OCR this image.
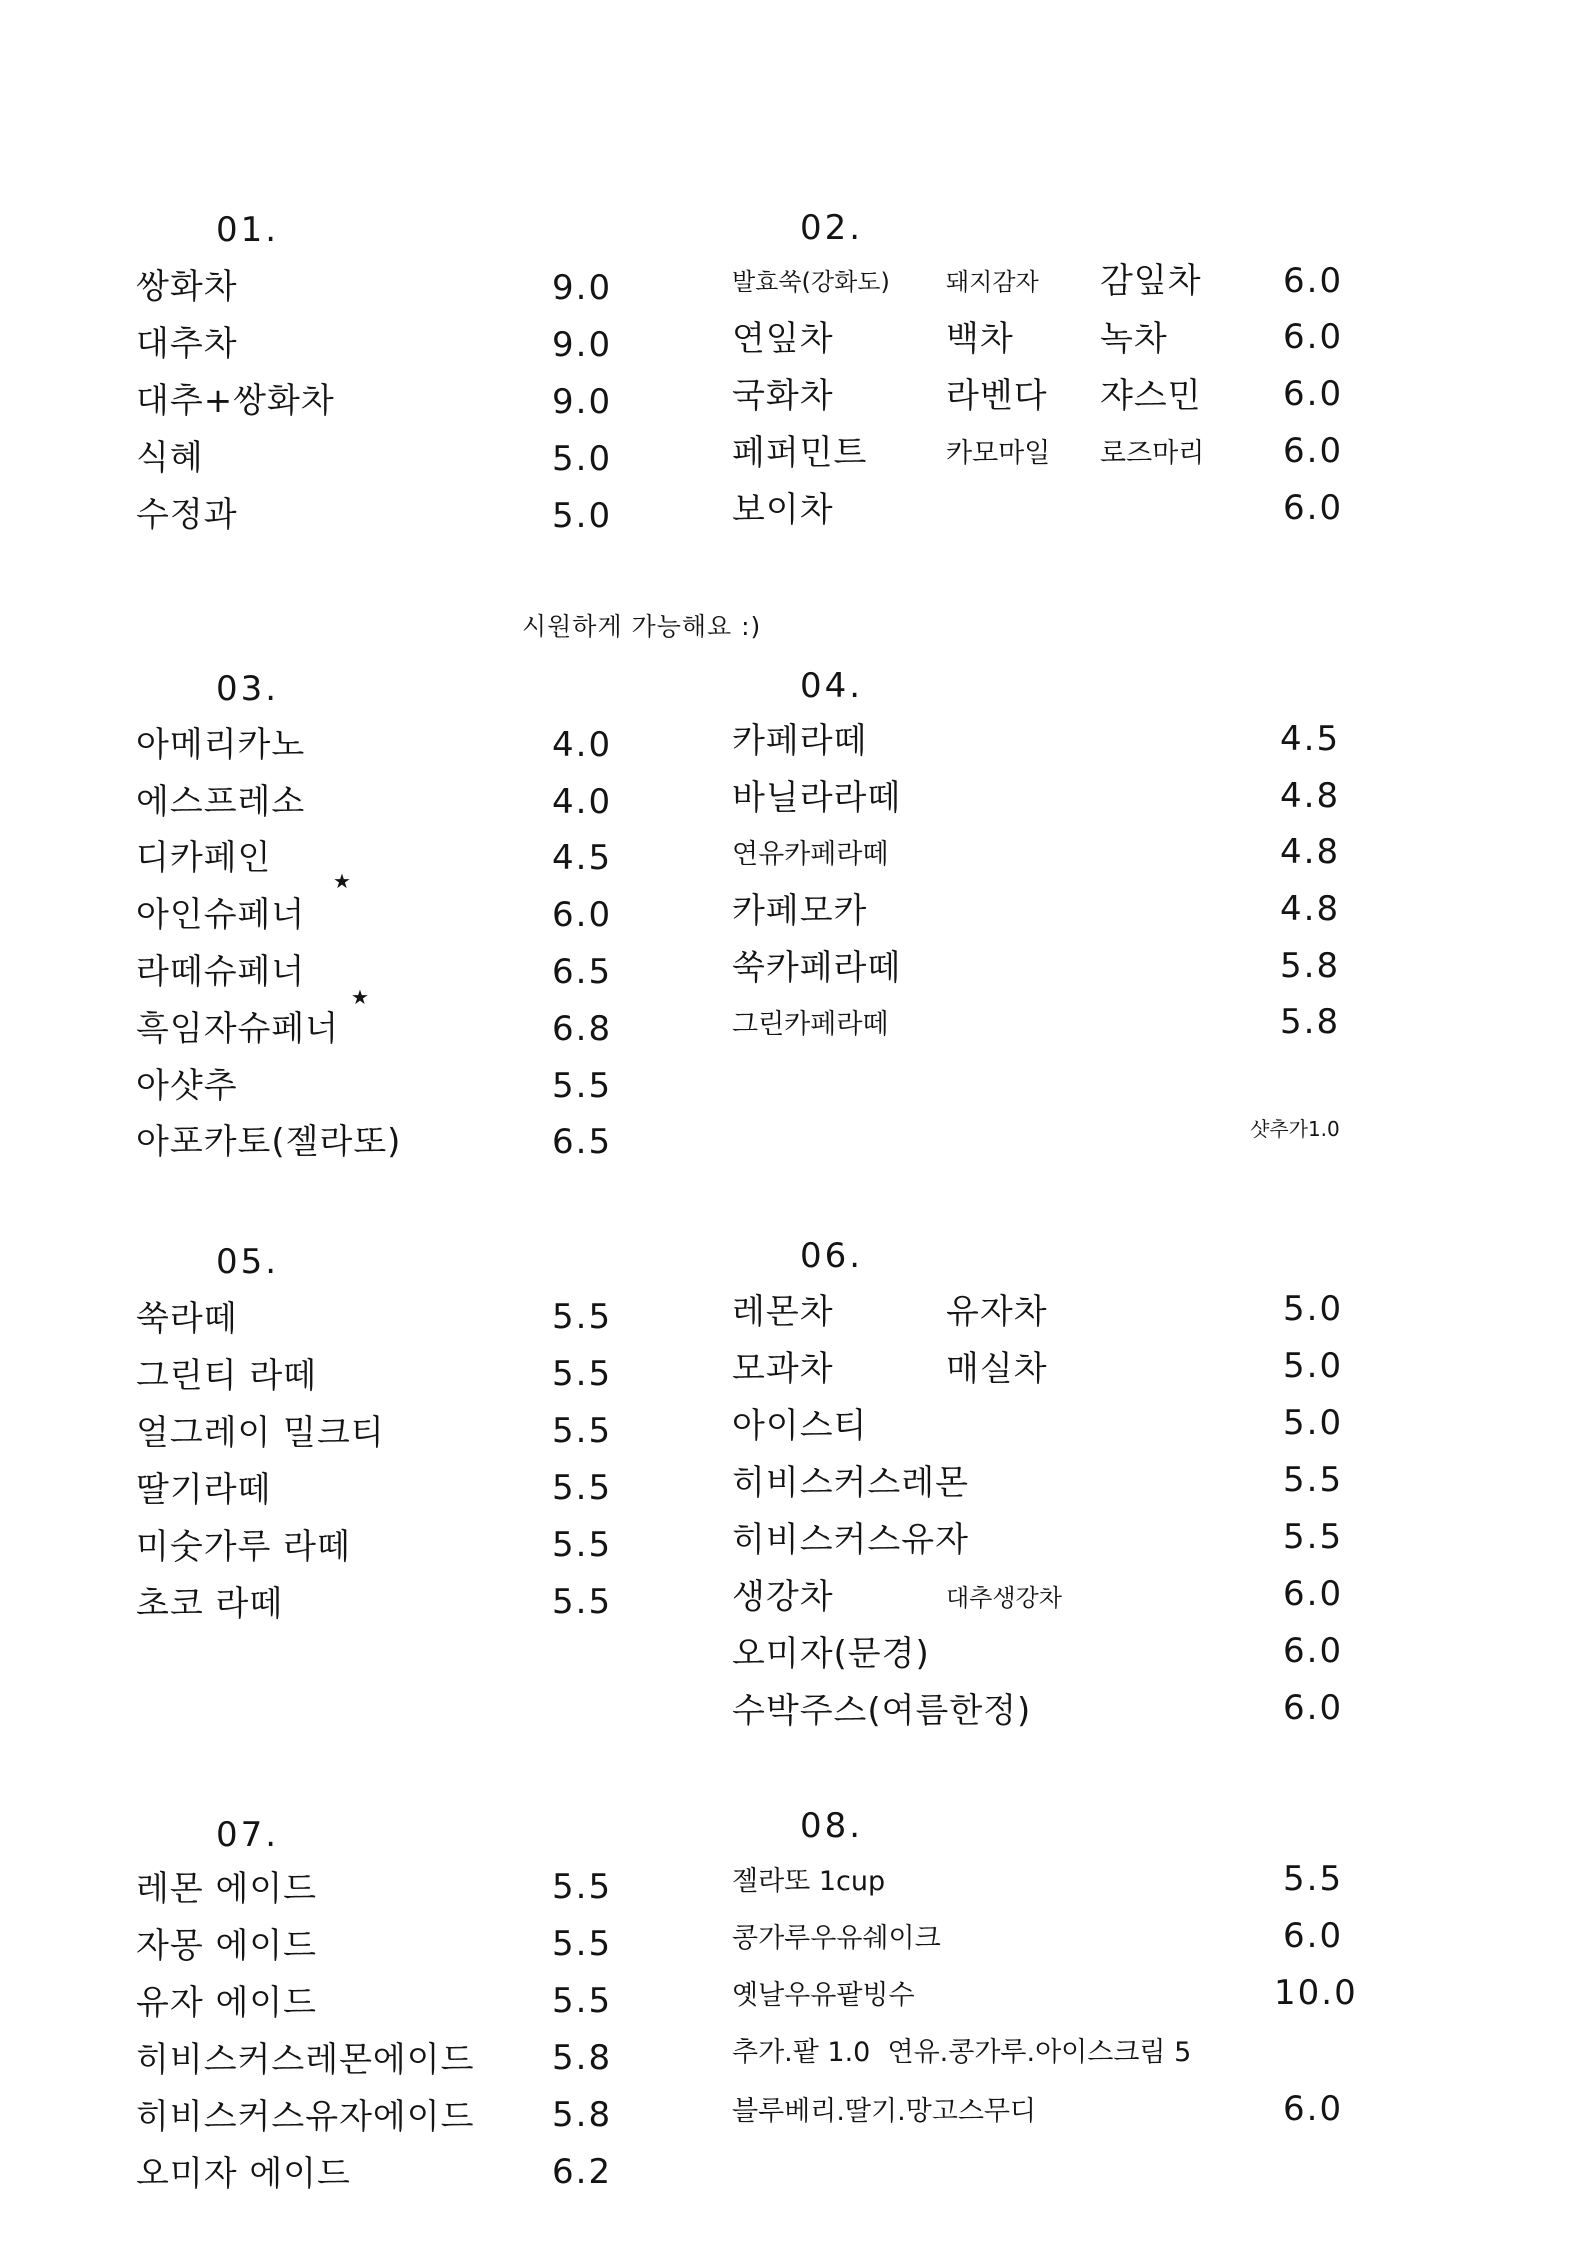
01.
쌍화차	9.0
대추차	9.0
대추+쌍화차	9.0
식혜	5.0
수정과	5.0
02.
발효쑥(강화도) 돼지감자 감잎차 6.0
연잎차	백차	녹차	6.0
국화차	라벤다 쟈스민 6.0
페퍼민트	카모마일 로즈마리 6.0
보이차	6.0
시원하게 가능해요 :)
03.
아메리카노	4.0
에스프레소	4.0
디카페인	4.5
★
아인슈페너	6.0
라떼슈페너	6.5
★
흑임자슈페너	6.8
아샷추	5.5
아포카토(젤라또)	6.5
04.
카페라떼	4.5
바닐라라떼	4.8
연유카페라떼	4.8
카페모카	4.8
쑥카페라떼	5.8
그린카페라떼	5.8
샷추가1.0
05.
쑥라떼	5.5
그린티 라떼	5.5
얼그레이 밀크티	5.5
딸기라떼	5.5
미숫가루 라떼	5.5
초코 라떼	5.5
06.
레몬차	유자차	5.0
모과차	매실차	5.0
아이스티	5.0
히비스커스레몬	5.5
히비스커스유자	5.5
생강차	대추생강차	6.0
오미자(문경)	6.0
수박주스(여름한정)	6.0
07.
레몬 에이드	5.5
자몽 에이드	5.5
유자 에이드	5.5
히비스커스레몬에이드 5.8
히비스커스유자에이드 5.8
오미자 에이드	6.2
08.
젤라또 1cup	5.5
콩가루우유쉐이크	6.0
옛날우유팥빙수	10.0
추가.팥 1.0  연유.콩가루.아이스크림 5
블루베리.딸기.망고스무디	6.0
